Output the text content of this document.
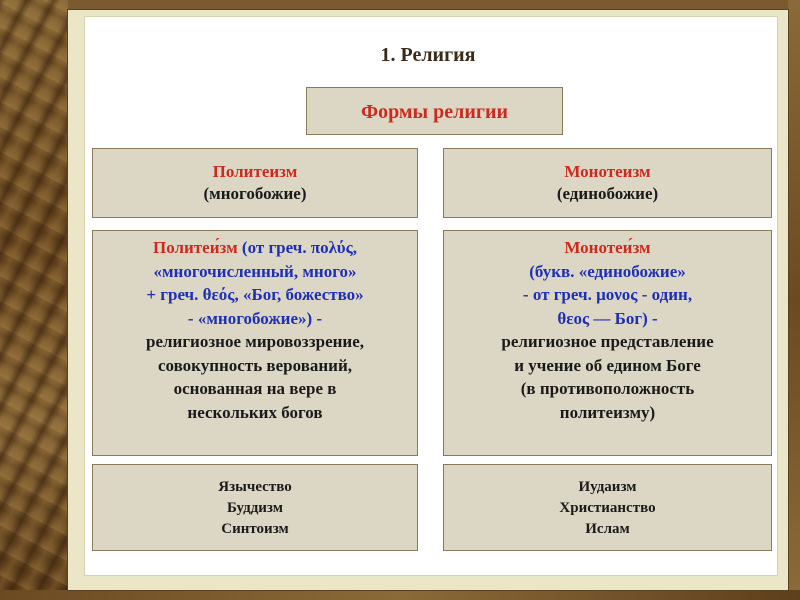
1. Религия
Формы религии
Политеизм
(многобожие)
Монотеизм
(единобожие)
Политеи́зм (от греч. πολύς,
«многочисленный, много»
+ греч. θεός, «Бог, божество»
- «многобожие») -
религиозное мировоззрение,
совокупность верований,
основанная на вере в
нескольких богов
Монотеи́зм
(букв. «единобожие»
- от греч. μονος - один,
θεος — Бог) -
религиозное представление
и учение об едином Боге
(в противоположность
политеизму)
Язычество
Буддизм
Синтоизм
Иудаизм
Христианство
Ислам
